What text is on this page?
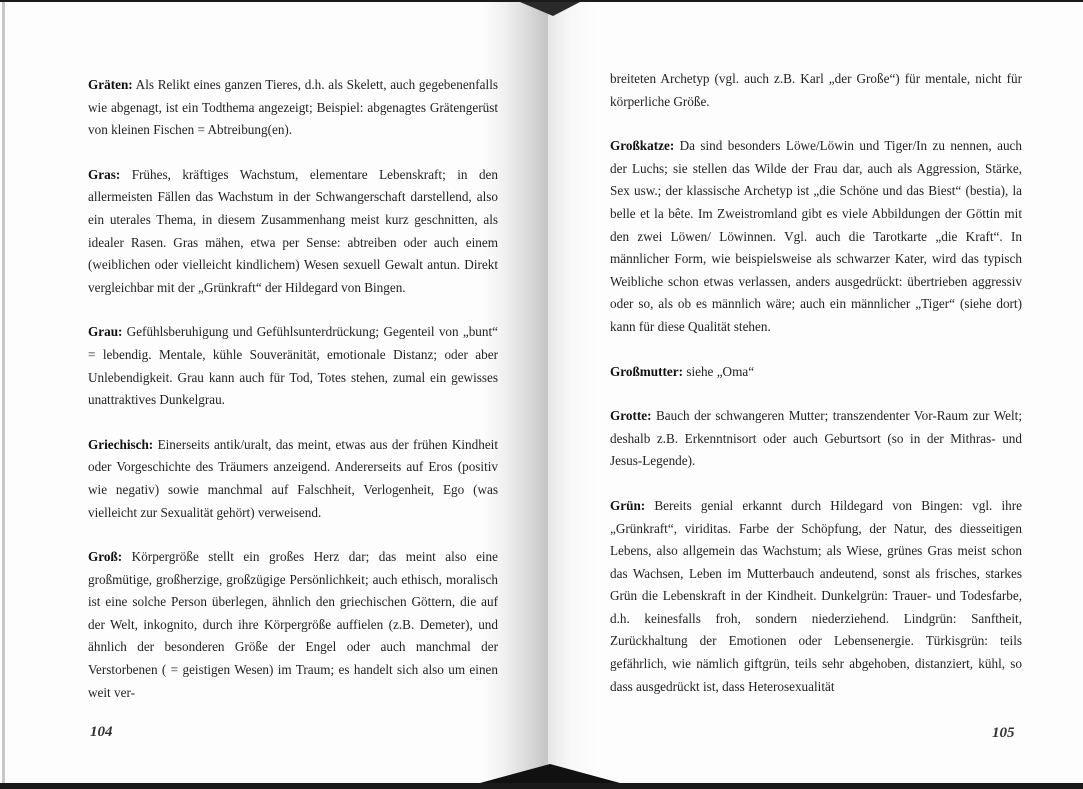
Gräten: Als Relikt eines ganzen Tieres, d.h. als Skelett, auch gegebenenfalls wie abgenagt, ist ein Todthema angezeigt; Beispiel: abgenagtes Grätengerüst von kleinen Fischen = Abtreibung(en).

Gras: Frühes, kräftiges Wachstum, elementare Lebenskraft; in den allermeisten Fällen das Wachstum in der Schwangerschaft darstellend, also ein uterales Thema, in diesem Zusammenhang meist kurz geschnitten, als idealer Rasen. Gras mähen, etwa per Sense: abtreiben oder auch einem (weiblichen oder vielleicht kindlichem) Wesen sexuell Gewalt antun. Direkt vergleichbar mit der „Grünkraft“ der Hildegard von Bingen.

Grau: Gefühlsberuhigung und Gefühlsunterdrückung; Gegenteil von „bunt“ = lebendig. Mentale, kühle Souveränität, emotionale Distanz; oder aber Unlebendigkeit. Grau kann auch für Tod, Totes stehen, zumal ein gewisses unattraktives Dunkelgrau.

Griechisch: Einerseits antik/uralt, das meint, etwas aus der frühen Kindheit oder Vorgeschichte des Träumers anzeigend. Andererseits auf Eros (positiv wie negativ) sowie manchmal auf Falschheit, Verlogenheit, Ego (was vielleicht zur Sexualität gehört) verweisend.

Groß: Körpergröße stellt ein großes Herz dar; das meint also eine großmütige, großherzige, großzügige Persönlichkeit; auch ethisch, moralisch ist eine solche Person überlegen, ähnlich den griechischen Göttern, die auf der Welt, inkognito, durch ihre Körpergröße auffielen (z.B. Demeter), und ähnlich der besonderen Größe der Engel oder auch manchmal der Verstorbenen ( = geistigen Wesen) im Traum; es handelt sich also um einen weit ver-

104

breiteten Archetyp (vgl. auch z.B. Karl „der Große“) für mentale, nicht für körperliche Größe.

Großkatze: Da sind besonders Löwe/Löwin und Tiger/In zu nennen, auch der Luchs; sie stellen das Wilde der Frau dar, auch als Aggression, Stärke, Sex usw.; der klassische Archetyp ist „die Schöne und das Biest“ (bestia), la belle et la bête. Im Zweistromland gibt es viele Abbildungen der Göttin mit den zwei Löwen/ Löwinnen. Vgl. auch die Tarotkarte „die Kraft“. In männlicher Form, wie beispielsweise als schwarzer Kater, wird das typisch Weibliche schon etwas verlassen, anders ausgedrückt: übertrieben aggressiv oder so, als ob es männlich wäre; auch ein männlicher „Tiger“ (siehe dort) kann für diese Qualität stehen.

Großmutter: siehe „Oma“

Grotte: Bauch der schwangeren Mutter; transzendenter Vor-Raum zur Welt; deshalb z.B. Erkenntnisort oder auch Geburtsort (so in der Mithras- und Jesus-Legende).

Grün: Bereits genial erkannt durch Hildegard von Bingen: vgl. ihre „Grünkraft“, viriditas. Farbe der Schöpfung, der Natur, des diesseitigen Lebens, also allgemein das Wachstum; als Wiese, grünes Gras meist schon das Wachsen, Leben im Mutterbauch andeutend, sonst als frisches, starkes Grün die Lebenskraft in der Kindheit. Dunkelgrün: Trauer- und Todesfarbe, d.h. keinesfalls froh, sondern niederziehend. Lindgrün: Sanftheit, Zurückhaltung der Emotionen oder Lebensenergie. Türkisgrün: teils gefährlich, wie nämlich giftgrün, teils sehr abgehoben, distanziert, kühl, so dass ausgedrückt ist, dass Heterosexualität

105
